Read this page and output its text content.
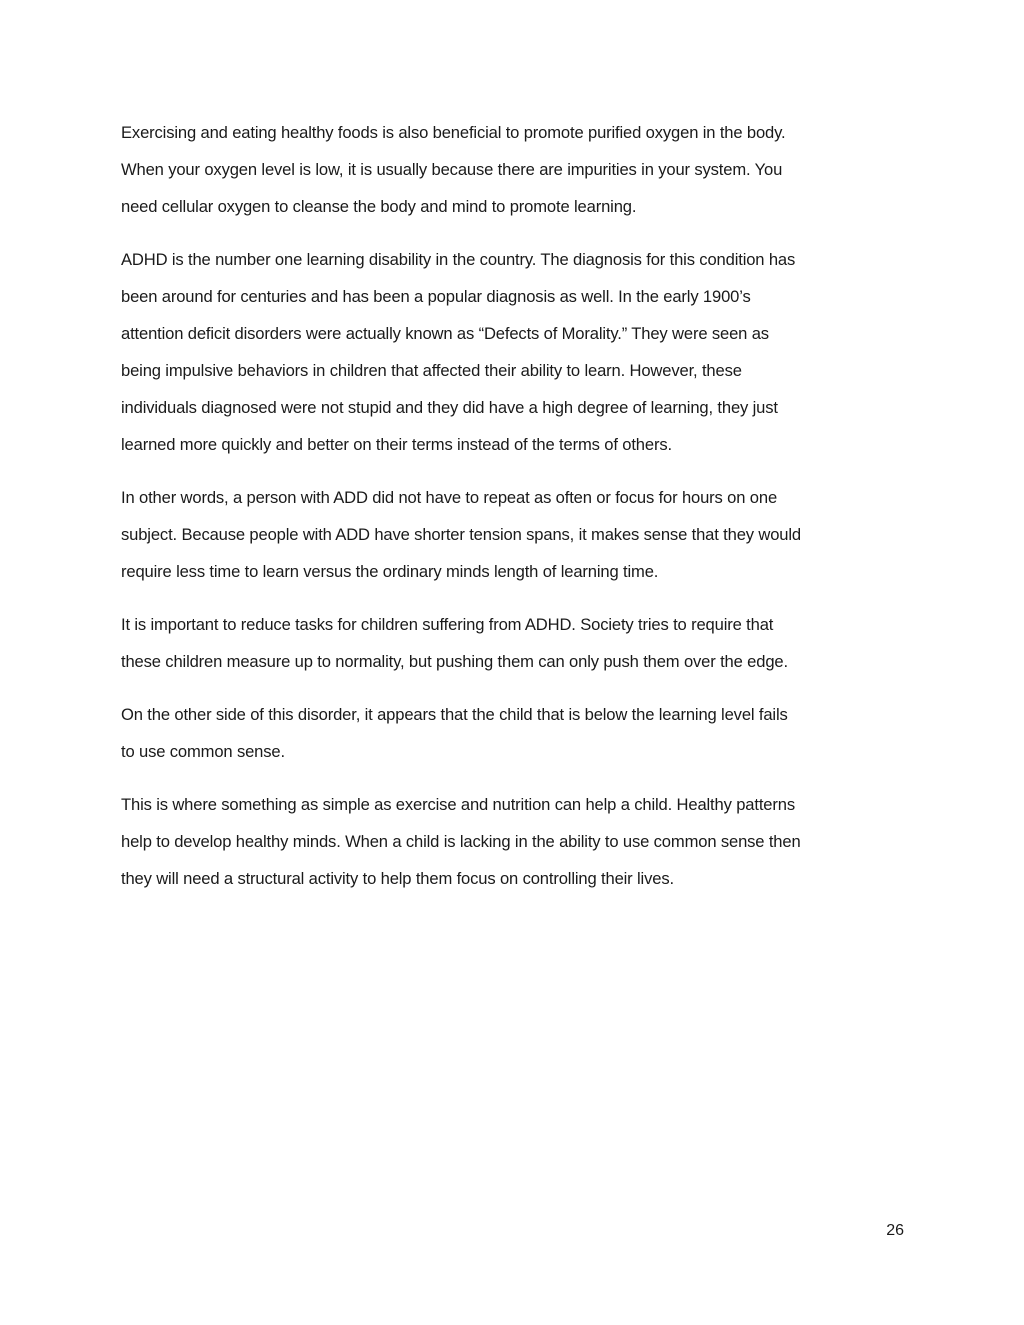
Exercising and eating healthy foods is also beneficial to promote purified oxygen in the body.
When your oxygen level is low, it is usually because there are impurities in your system. You
need cellular oxygen to cleanse the body and mind to promote learning.

ADHD is the number one learning disability in the country. The diagnosis for this condition has
been around for centuries and has been a popular diagnosis as well. In the early 1900’s
attention deficit disorders were actually known as “Defects of Morality.” They were seen as
being impulsive behaviors in children that affected their ability to learn. However, these
individuals diagnosed were not stupid and they did have a high degree of learning, they just
learned more quickly and better on their terms instead of the terms of others.

In other words, a person with ADD did not have to repeat as often or focus for hours on one
subject. Because people with ADD have shorter tension spans, it makes sense that they would
require less time to learn versus the ordinary minds length of learning time.

It is important to reduce tasks for children suffering from ADHD. Society tries to require that
these children measure up to normality, but pushing them can only push them over the edge.

On the other side of this disorder, it appears that the child that is below the learning level fails
to use common sense.

This is where something as simple as exercise and nutrition can help a child. Healthy patterns
help to develop healthy minds. When a child is lacking in the ability to use common sense then
they will need a structural activity to help them focus on controlling their lives.

26
